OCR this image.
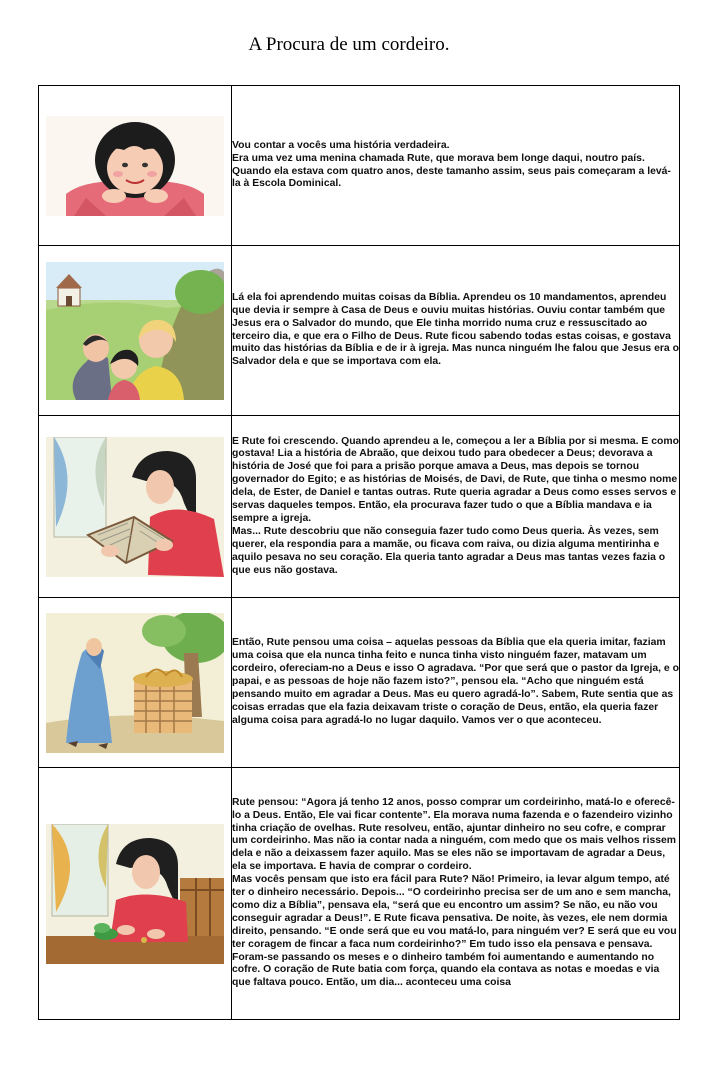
A Procura de um cordeiro.

Vou contar a vocês uma história verdadeira.

Era uma vez uma menina chamada Rute, que morava bem longe daqui, noutro país. Quando ela estava com quatro anos, deste tamanho assim, seus pais começaram a levá-la à Escola Dominical.

Lá ela foi aprendendo muitas coisas da Bíblia. Aprendeu os 10 mandamentos, aprendeu que devia ir sempre à Casa de Deus e ouviu muitas histórias. Ouviu contar também que Jesus era o Salvador do mundo, que Ele tinha morrido numa cruz e ressuscitado ao terceiro dia, e que era o Filho de Deus. Rute ficou sabendo todas estas coisas, e gostava muito das histórias da Bíblia e de ir à igreja. Mas nunca ninguém lhe falou que Jesus era o Salvador dela e que se importava com ela.

E Rute foi crescendo. Quando aprendeu a le, começou a ler a Bíblia por si mesma. E como gostava! Lia a história de Abraão, que deixou tudo para obedecer a Deus; devorava a história de José que foi para a prisão porque amava a Deus, mas depois se tornou governador do Egito; e as histórias de Moisés, de Davi, de Rute, que tinha o mesmo nome dela, de Ester, de Daniel e tantas outras. Rute queria agradar a Deus como esses servos e servas daqueles tempos. Então, ela procurava fazer tudo o que a Bíblia mandava e ia sempre a igreja.

Mas... Rute descobriu que não conseguia fazer tudo como Deus queria. Às vezes, sem querer, ela respondia para a mamãe, ou ficava com raiva, ou dizia alguma mentirinha e aquilo pesava no seu coração. Ela queria tanto agradar a Deus mas tantas vezes fazia o que eus não gostava.

Então, Rute pensou uma coisa – aquelas pessoas da Bíblia que ela queria imitar, faziam uma coisa que ela nunca tinha feito e nunca tinha visto ninguém fazer, matavam um cordeiro, ofereciam-no a Deus e isso O agradava. “Por que será que o pastor da Igreja, e o papai, e as pessoas de hoje não fazem isto?”, pensou ela. “Acho que ninguém está pensando muito em agradar a Deus. Mas eu quero agradá-lo”. Sabem, Rute sentia que as coisas erradas que ela fazia deixavam triste o coração de Deus, então, ela queria fazer alguma coisa para agradá-lo no lugar daquilo. Vamos ver o que aconteceu.

Rute pensou: “Agora já tenho 12 anos, posso comprar um cordeirinho, matá-lo e oferecê-lo a Deus. Então, Ele vai ficar contente”. Ela morava numa fazenda e o fazendeiro vizinho tinha criação de ovelhas. Rute resolveu, então, ajuntar dinheiro no seu cofre, e comprar um cordeirinho. Mas não ia contar nada a ninguém, com medo que os mais velhos rissem dela e não a deixassem fazer aquilo. Mas se eles não se importavam de agradar a Deus, ela se importava. E havia de comprar o cordeiro.

Mas vocês pensam que isto era fácil para Rute? Não! Primeiro, ia levar algum tempo, até ter o dinheiro necessário. Depois... “O cordeirinho precisa ser de um ano e sem mancha, como diz a Bíblia”, pensava ela, “será que eu encontro um assim? Se não, eu não vou conseguir agradar a Deus!”. E Rute ficava pensativa. De noite, às vezes, ele nem dormia direito, pensando. “E onde será que eu vou matá-lo, para ninguém ver? E será que eu vou ter coragem de fincar a faca num cordeirinho?” Em tudo isso ela pensava e pensava.

Foram-se passando os meses e o dinheiro também foi aumentando e aumentando no cofre. O coração de Rute batia com força, quando ela contava as notas e moedas e via que faltava pouco. Então, um dia... aconteceu uma coisa
